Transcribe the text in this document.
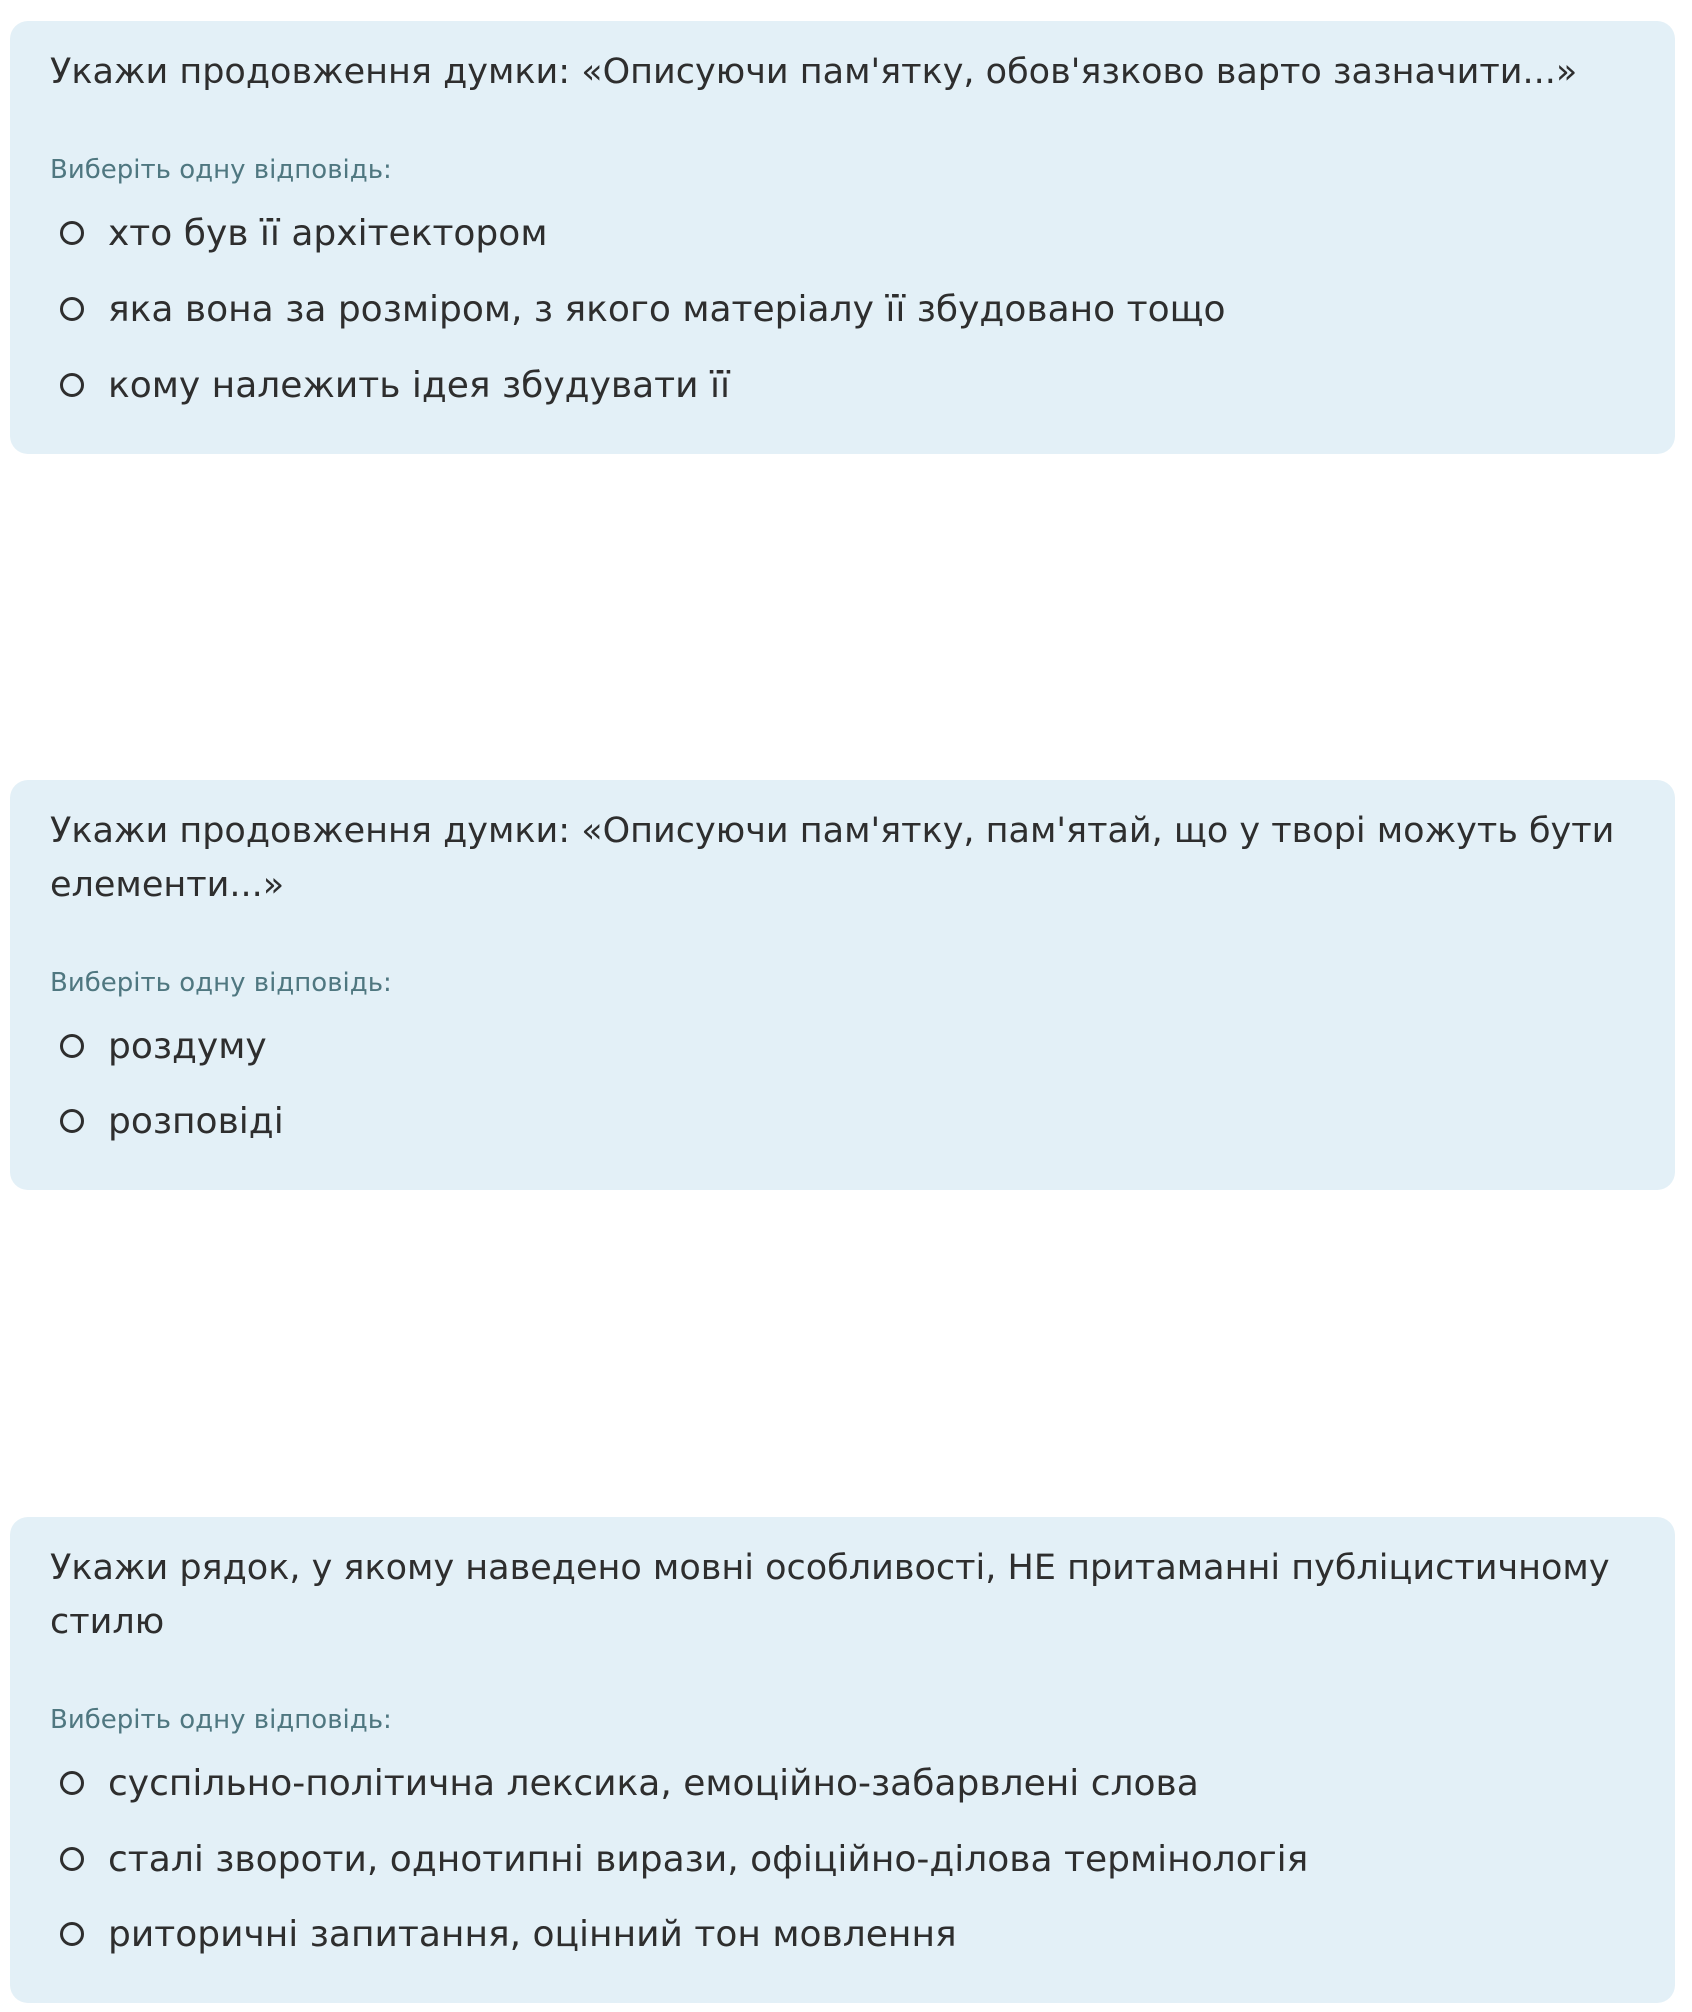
Укажи продовження думки: «Описуючи пам'ятку, обов'язково варто зазначити...»

Виберіть одну відповідь:

хто був її архітектором
яка вона за розміром, з якого матеріалу її збудовано тощо
кому належить ідея збудувати її

Укажи продовження думки: «Описуючи пам'ятку, пам'ятай, що у творі можуть бути елементи...»

Виберіть одну відповідь:

роздуму
розповіді

Укажи рядок, у якому наведено мовні особливості, НЕ притаманні публіцистичному стилю

Виберіть одну відповідь:

суспільно-політична лексика, емоційно-забарвлені слова
сталі звороти, однотипні вирази, офіційно-ділова термінологія
риторичні запитання, оцінний тон мовлення
